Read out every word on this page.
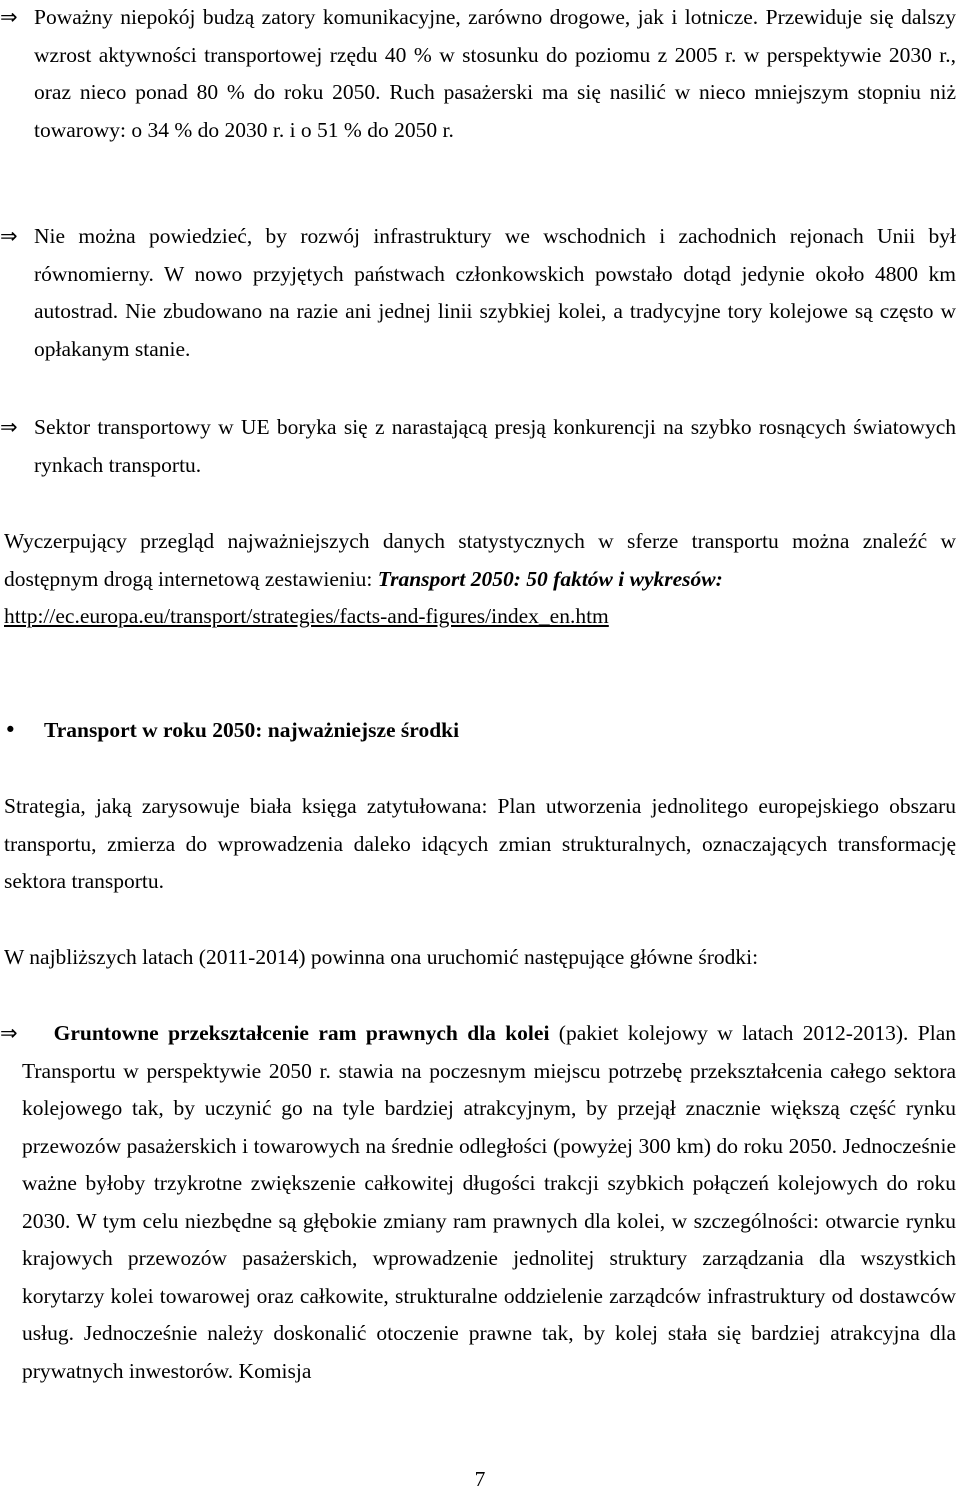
⇒ Poważny niepokój budzą zatory komunikacyjne, zarówno drogowe, jak i lotnicze. Przewiduje się dalszy wzrost aktywności transportowej rzędu 40 % w stosunku do poziomu z 2005 r. w perspektywie 2030 r., oraz nieco ponad 80 % do roku 2050. Ruch pasażerski ma się nasilić w nieco mniejszym stopniu niż towarowy: o 34 % do 2030 r. i o 51 % do 2050 r.
⇒ Nie można powiedzieć, by rozwój infrastruktury we wschodnich i zachodnich rejonach Unii był równomierny. W nowo przyjętych państwach członkowskich powstało dotąd jedynie około 4800 km autostrad. Nie zbudowano na razie ani jednej linii szybkiej kolei, a tradycyjne tory kolejowe są często w opłakanym stanie.
⇒ Sektor transportowy w UE boryka się z narastającą presją konkurencji na szybko rosnących światowych rynkach transportu.
Wyczerpujący przegląd najważniejszych danych statystycznych w sferze transportu można znaleźć w dostępnym drogą internetową zestawieniu: Transport 2050: 50 faktów i wykresów:
http://ec.europa.eu/transport/strategies/facts-and-figures/index_en.htm
• Transport w roku 2050: najważniejsze środki
Strategia, jaką zarysowuje biała księga zatytułowana: Plan utworzenia jednolitego europejskiego obszaru transportu, zmierza do wprowadzenia daleko idących zmian strukturalnych, oznaczających transformację sektora transportu.
W najbliższych latach (2011-2014) powinna ona uruchomić następujące główne środki:
⇒ Gruntowne przekształcenie ram prawnych dla kolei (pakiet kolejowy w latach 2012-2013). Plan Transportu w perspektywie 2050 r. stawia na poczesnym miejscu potrzebę przekształcenia całego sektora kolejowego tak, by uczynić go na tyle bardziej atrakcyjnym, by przejął znacznie większą część rynku przewozów pasażerskich i towarowych na średnie odległości (powyżej 300 km) do roku 2050. Jednocześnie ważne byłoby trzykrotne zwiększenie całkowitej długości trakcji szybkich połączeń kolejowych do roku 2030. W tym celu niezbędne są głębokie zmiany ram prawnych dla kolei, w szczególności: otwarcie rynku krajowych przewozów pasażerskich, wprowadzenie jednolitej struktury zarządzania dla wszystkich korytarzy kolei towarowej oraz całkowite, strukturalne oddzielenie zarządców infrastruktury od dostawców usług. Jednocześnie należy doskonalić otoczenie prawne tak, by kolej stała się bardziej atrakcyjna dla prywatnych inwestorów. Komisja
7
